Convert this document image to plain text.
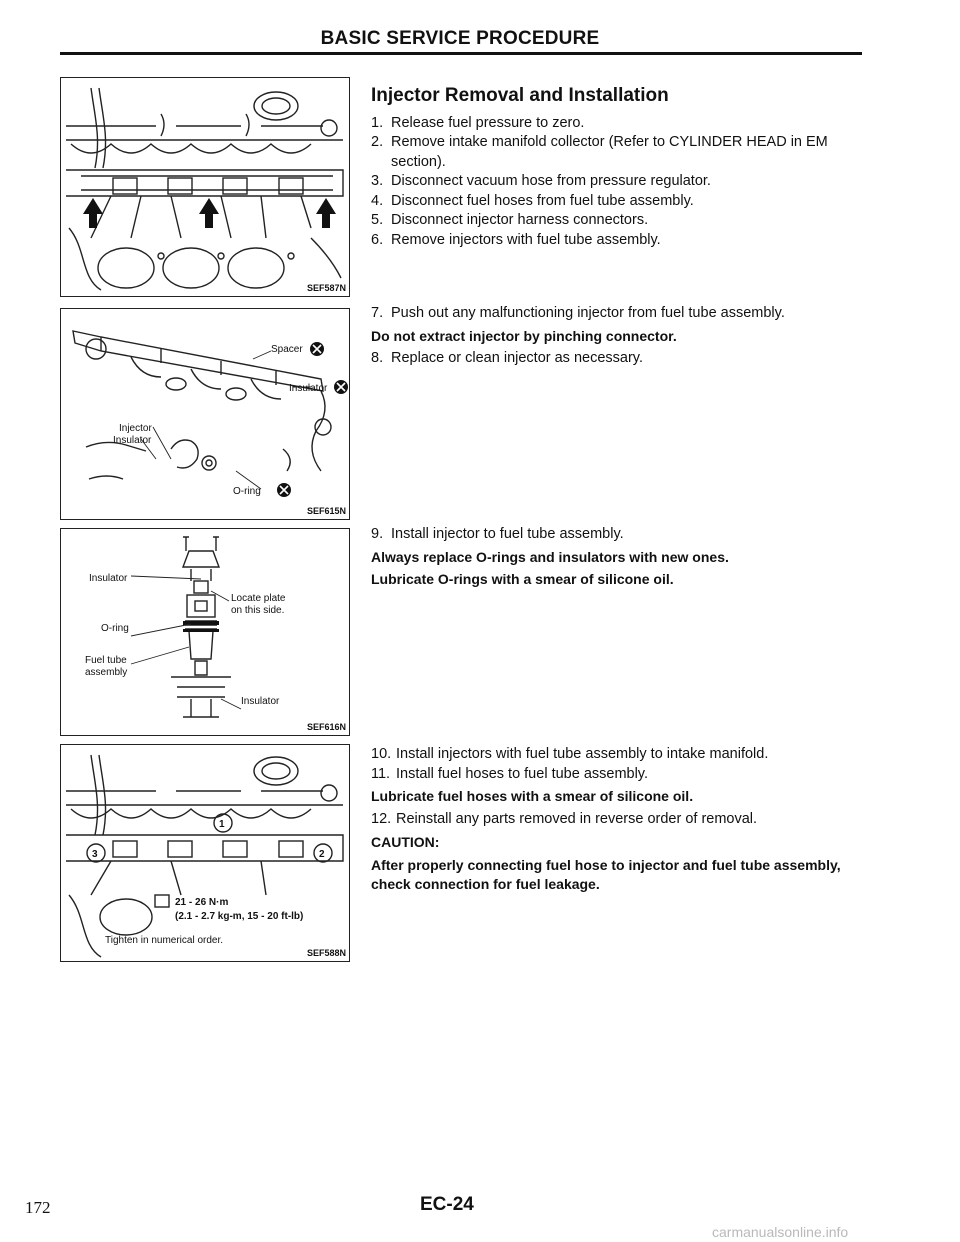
BASIC SERVICE PROCEDURE
SEF587N
Spacer
Insulator
Injector
Insulator
O-ring
SEF615N
Insulator
Locate plate
on this side.
O-ring
Fuel tube
assembly
Insulator
SEF616N
3
1
2
21 - 26 N·m
(2.1 - 2.7 kg-m, 15 - 20 ft-lb)
Tighten in numerical order.
SEF588N
Injector Removal and Installation
1. Release fuel pressure to zero.
2. Remove intake manifold collector (Refer to CYLINDER HEAD in EM section).
3. Disconnect vacuum hose from pressure regulator.
4. Disconnect fuel hoses from fuel tube assembly.
5. Disconnect injector harness connectors.
6. Remove injectors with fuel tube assembly.
7. Push out any malfunctioning injector from fuel tube assembly.
Do not extract injector by pinching connector.
8. Replace or clean injector as necessary.
9. Install injector to fuel tube assembly.
Always replace O-rings and insulators with new ones.
Lubricate O-rings with a smear of silicone oil.
10. Install injectors with fuel tube assembly to intake manifold.
11. Install fuel hoses to fuel tube assembly.
Lubricate fuel hoses with a smear of silicone oil.
12. Reinstall any parts removed in reverse order of removal.
CAUTION:
After properly connecting fuel hose to injector and fuel tube assembly, check connection for fuel leakage.
172	EC-24
carmanualsonline.info
